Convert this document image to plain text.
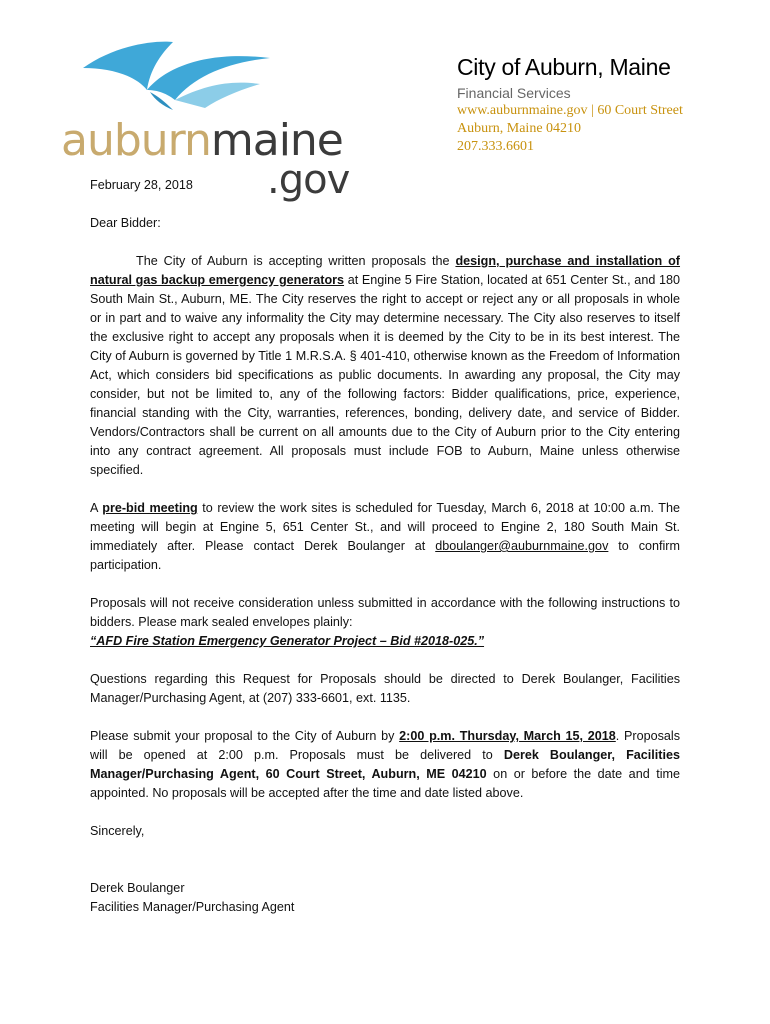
auburnmaine
.gov
City of Auburn, Maine
Financial Services
www.auburnmaine.gov | 60 Court Street
Auburn, Maine 04210
207.333.6601

February 28, 2018

Dear Bidder:

The City of Auburn is accepting written proposals the design, purchase and installation of natural gas backup emergency generators at Engine 5 Fire Station, located at 651 Center St., and 180 South Main St., Auburn, ME. The City reserves the right to accept or reject any or all proposals in whole or in part and to waive any informality the City may determine necessary. The City also reserves to itself the exclusive right to accept any proposals when it is deemed by the City to be in its best interest. The City of Auburn is governed by Title 1 M.R.S.A. § 401-410, otherwise known as the Freedom of Information Act, which considers bid specifications as public documents. In awarding any proposal, the City may consider, but not be limited to, any of the following factors: Bidder qualifications, price, experience, financial standing with the City, warranties, references, bonding, delivery date, and service of Bidder. Vendors/Contractors shall be current on all amounts due to the City of Auburn prior to the City entering into any contract agreement. All proposals must include FOB to Auburn, Maine unless otherwise specified.

A pre-bid meeting to review the work sites is scheduled for Tuesday, March 6, 2018 at 10:00 a.m. The meeting will begin at Engine 5, 651 Center St., and will proceed to Engine 2, 180 South Main St. immediately after. Please contact Derek Boulanger at dboulanger@auburnmaine.gov to confirm participation.

Proposals will not receive consideration unless submitted in accordance with the following instructions to bidders. Please mark sealed envelopes plainly:

“AFD Fire Station Emergency Generator Project – Bid #2018-025.”

Questions regarding this Request for Proposals should be directed to Derek Boulanger, Facilities Manager/Purchasing Agent, at (207) 333-6601, ext. 1135.

Please submit your proposal to the City of Auburn by 2:00 p.m. Thursday, March 15, 2018. Proposals will be opened at 2:00 p.m. Proposals must be delivered to Derek Boulanger, Facilities Manager/Purchasing Agent, 60 Court Street, Auburn, ME 04210 on or before the date and time appointed. No proposals will be accepted after the time and date listed above.

Sincerely,

Derek Boulanger

Facilities Manager/Purchasing Agent
